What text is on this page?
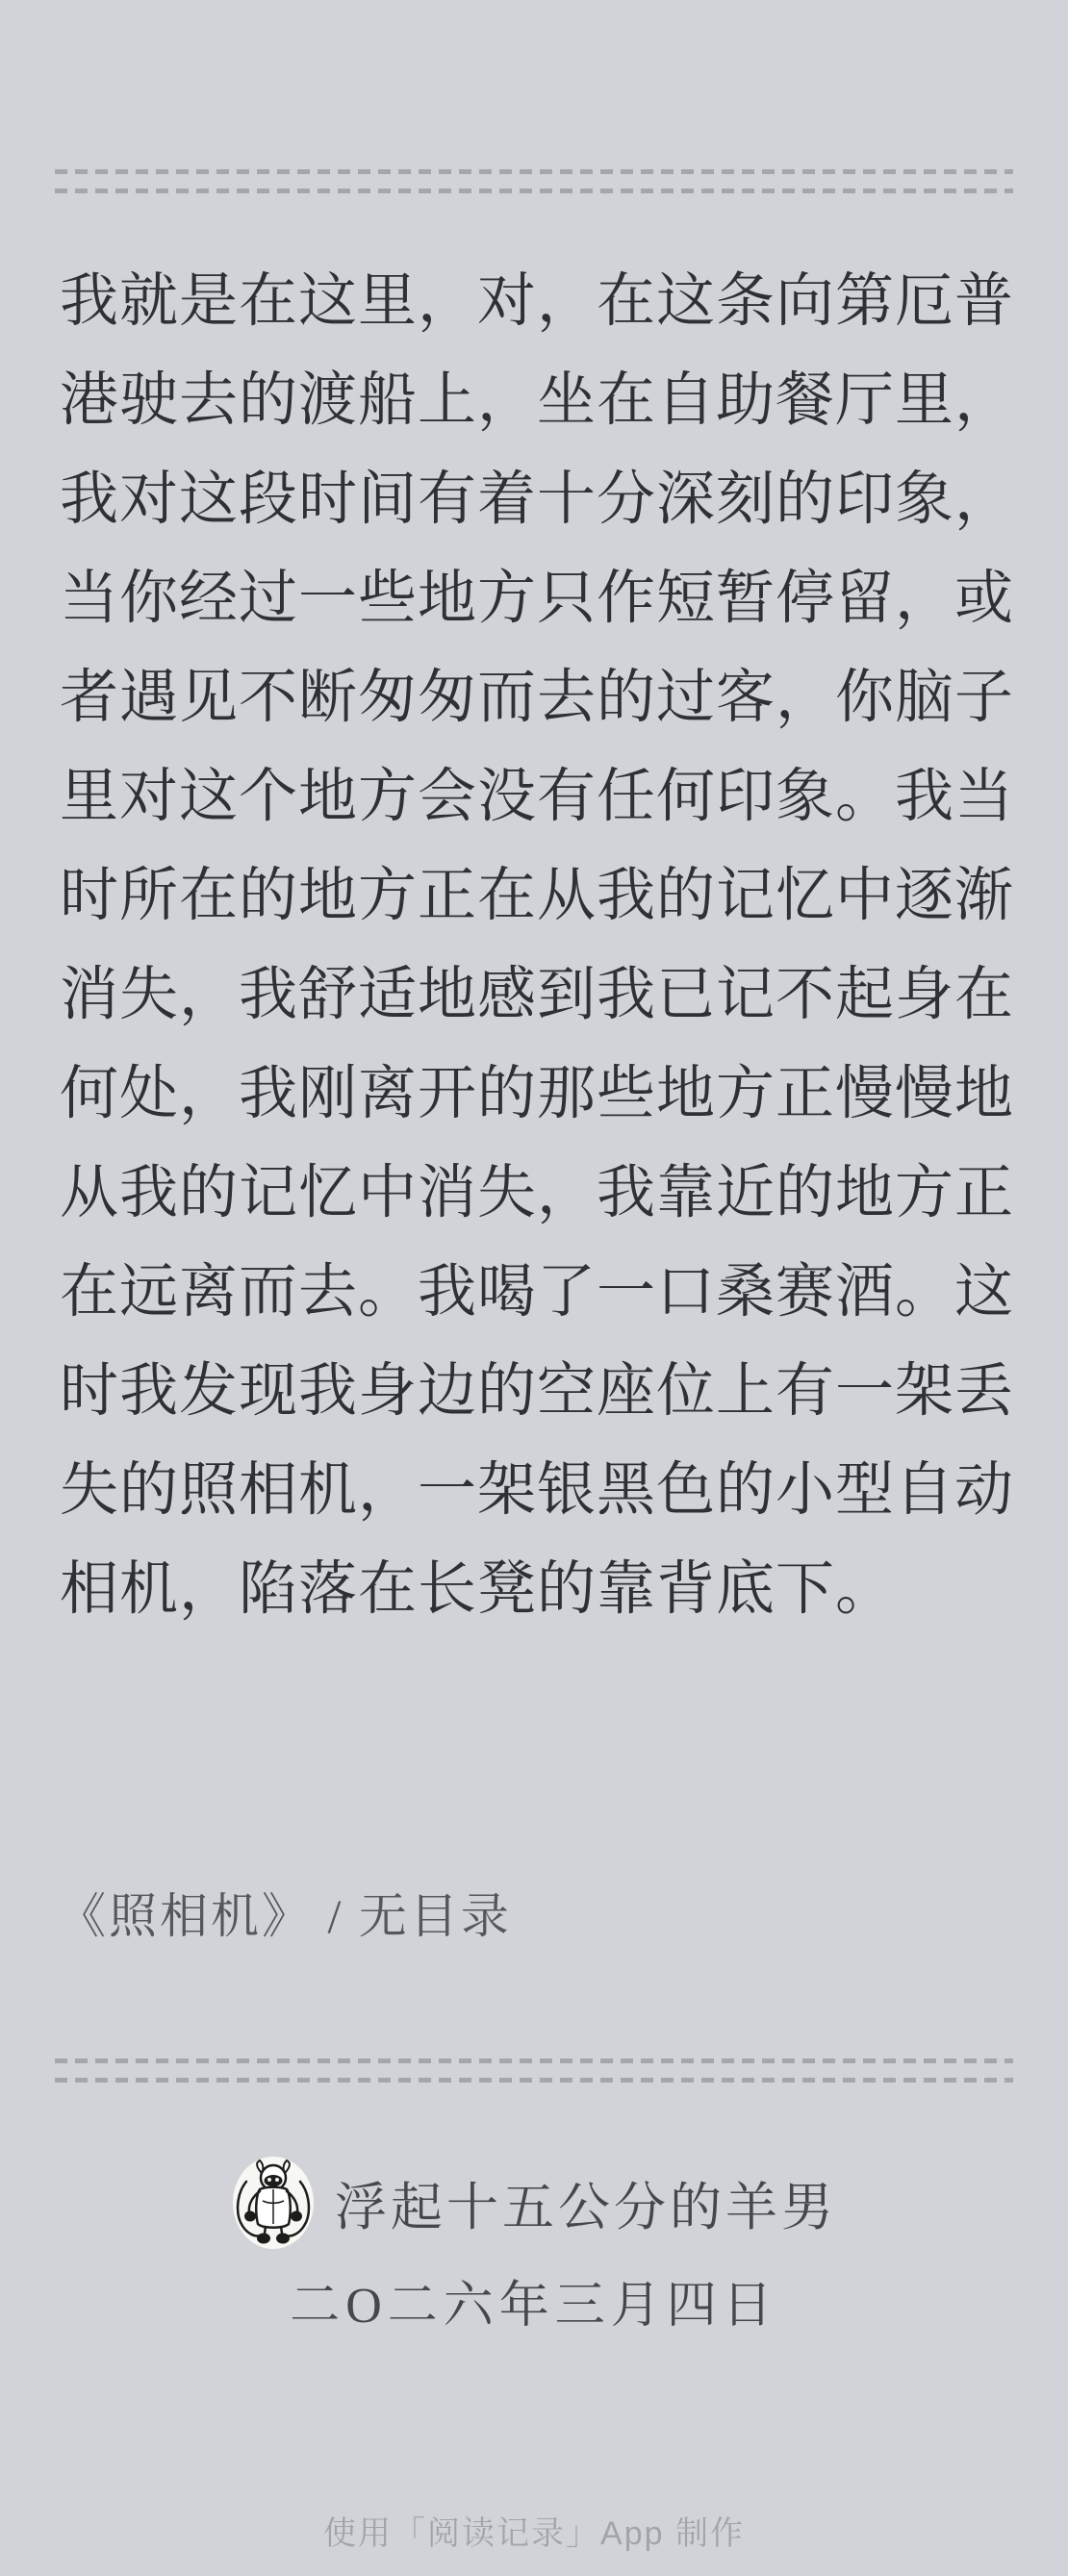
我就是在这里，对，在这条向第厄普
港驶去的渡船上，坐在自助餐厅里，
我对这段时间有着十分深刻的印象，
当你经过一些地方只作短暂停留，或
者遇见不断匆匆而去的过客，你脑子
里对这个地方会没有任何印象。我当
时所在的地方正在从我的记忆中逐渐
消失，我舒适地感到我已记不起身在
何处，我刚离开的那些地方正慢慢地
从我的记忆中消失，我靠近的地方正
在远离而去。我喝了一口桑赛酒。这
时我发现我身边的空座位上有一架丢
失的照相机，一架银黑色的小型自动
相机，陷落在长凳的靠背底下。
《照相机》 / 无目录
浮起十五公分的羊男
二O二六年三月四日
使用「阅读记录」App 制作
